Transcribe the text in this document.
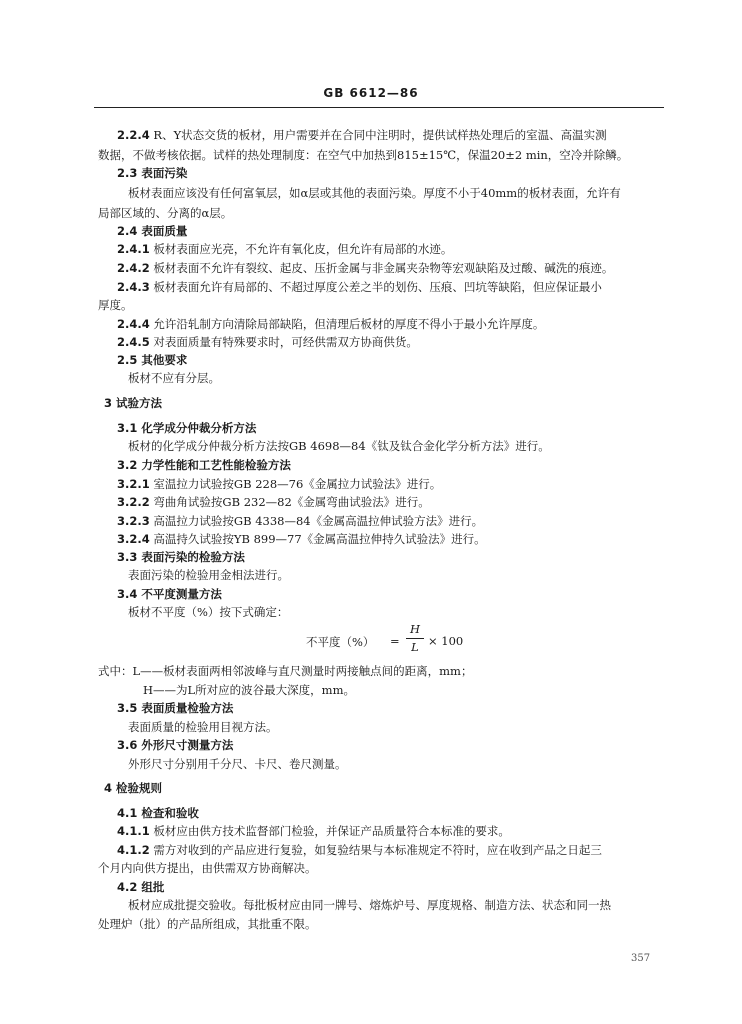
GB 6612—86
2.2.4 R、Y状态交货的板材，用户需要并在合同中注明时，提供试样热处理后的室温、高温实测
数据，不做考核依据。试样的热处理制度：在空气中加热到815±15℃，保温20±2 min，空冷并除鳞。
2.3 表面污染
板材表面应该没有任何富氧层，如α层或其他的表面污染。厚度不小于40mm的板材表面，允许有
局部区域的、分离的α层。
2.4 表面质量
2.4.1 板材表面应光亮，不允许有氧化皮，但允许有局部的水迹。
2.4.2 板材表面不允许有裂纹、起皮、压折金属与非金属夹杂物等宏观缺陷及过酸、碱洗的痕迹。
2.4.3 板材表面允许有局部的、不超过厚度公差之半的划伤、压痕、凹坑等缺陷，但应保证最小
厚度。
2.4.4 允许沿轧制方向清除局部缺陷，但清理后板材的厚度不得小于最小允许厚度。
2.4.5 对表面质量有特殊要求时，可经供需双方协商供货。
2.5 其他要求
板材不应有分层。
3 试验方法
3.1 化学成分仲裁分析方法
板材的化学成分仲裁分析方法按GB 4698—84《钛及钛合金化学分析方法》进行。
3.2 力学性能和工艺性能检验方法
3.2.1 室温拉力试验按GB 228—76《金属拉力试验法》进行。
3.2.2 弯曲角试验按GB 232—82《金属弯曲试验法》进行。
3.2.3 高温拉力试验按GB 4338—84《金属高温拉伸试验方法》进行。
3.2.4 高温持久试验按YB 899—77《金属高温拉伸持久试验法》进行。
3.3 表面污染的检验方法
表面污染的检验用金相法进行。
3.4 不平度测量方法
板材不平度（%）按下式确定：
不平度（%） =
H
L × 100
式中：L——板材表面两相邻波峰与直尺测量时两接触点间的距离，mm；
H——为L所对应的波谷最大深度，mm。
3.5 表面质量检验方法
表面质量的检验用目视方法。
3.6 外形尺寸测量方法
外形尺寸分别用千分尺、卡尺、卷尺测量。
4 检验规则
4.1 检查和验收
4.1.1 板材应由供方技术监督部门检验，并保证产品质量符合本标准的要求。
4.1.2 需方对收到的产品应进行复验，如复验结果与本标准规定不符时，应在收到产品之日起三
个月内向供方提出，由供需双方协商解决。
4.2 组批
板材应成批提交验收。每批板材应由同一牌号、熔炼炉号、厚度规格、制造方法、状态和同一热
处理炉（批）的产品所组成，其批重不限。
357
